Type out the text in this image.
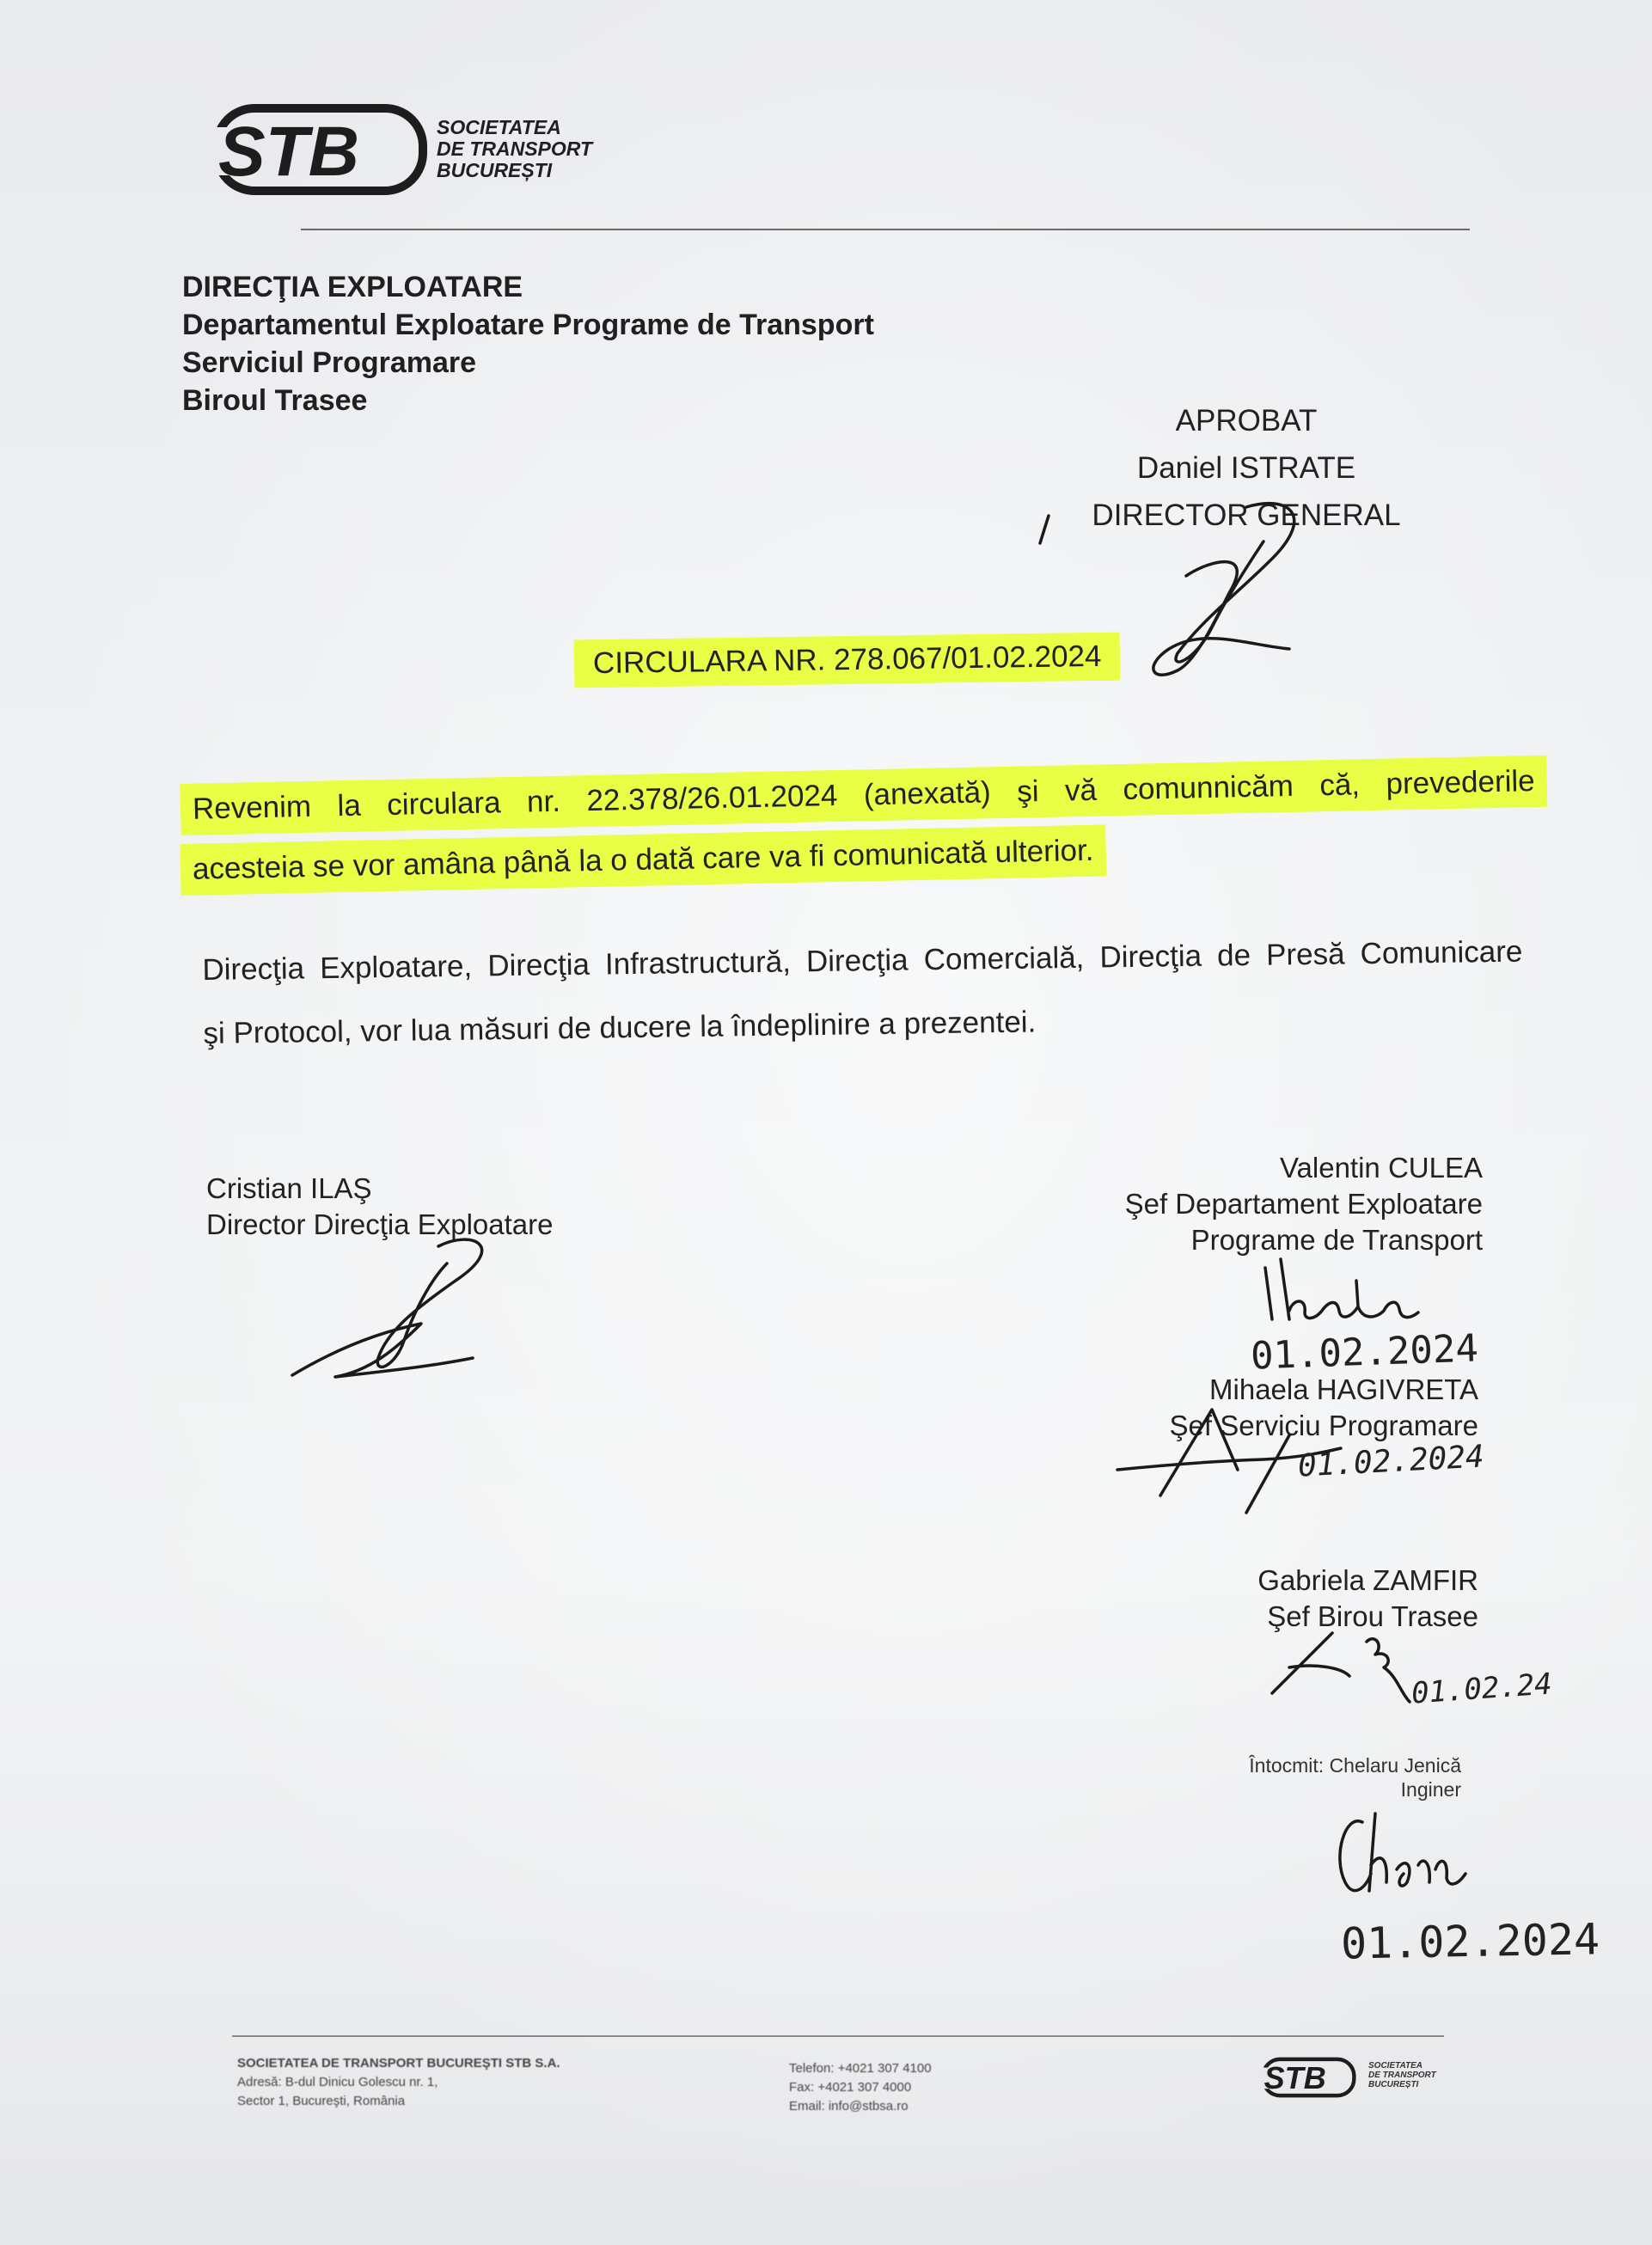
STB	SOCIETATEA
DE TRANSPORT
BUCUREȘTI
DIRECŢIA EXPLOATARE
Departamentul Exploatare Programe de Transport
Serviciul Programare
Biroul Trasee
APROBAT
Daniel ISTRATE
DIRECTOR GENERAL
CIRCULARA NR. 278.067/01.02.2024
Revenim la circulara nr. 22.378/26.01.2024 (anexată) şi vă comunnicăm că, prevederile
acesteia se vor amâna până la o dată care va fi comunicată ulterior.
Direcţia Exploatare, Direcţia Infrastructură, Direcţia Comercială, Direcţia de Presă Comunicare
şi Protocol, vor lua măsuri de ducere la îndeplinire a prezentei.
Cristian ILAŞ
Director Direcţia Exploatare
Valentin CULEA
Şef Departament Exploatare
Programe de Transport
01.02.2024
Mihaela HAGIVRETA
Şef Serviciu Programare
01.02.2024
Gabriela ZAMFIR
Şef Birou Trasee
01.02.24
Întocmit: Chelaru Jenică
Inginer
01.02.2024
SOCIETATEA DE TRANSPORT BUCUREŞTI STB S.A.
Adresă: B-dul Dinicu Golescu nr. 1,
Sector 1, Bucureşti, România
Telefon: +4021 307 4100
Fax: +4021 307 4000
Email: info@stbsa.ro
STB	SOCIETATEA
DE TRANSPORT
BUCUREȘTI
